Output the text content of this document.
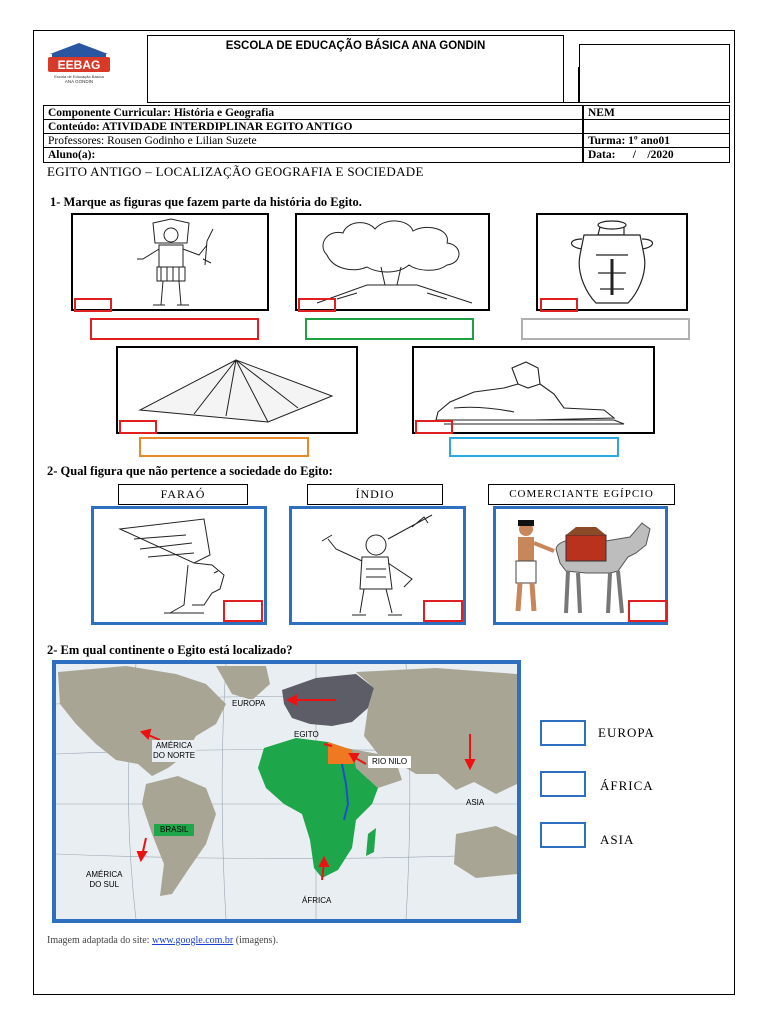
EEBAG
Escola de Educação Básica
ANA GONDIN
ESCOLA DE EDUCAÇÃO BÁSICA ANA GONDIN
Componente Curricular: História e Geografia	NEM
Conteúdo: ATIVIDADE INTERDIPLINAR EGITO ANTIGO
Professores: Rousen Godinho e Lilian Suzete	Turma: 1º ano01
Aluno(a):	Data:      /    /2020
EGITO ANTIGO – LOCALIZAÇÃO GEOGRAFIA E SOCIEDADE
1- Marque as figuras que fazem parte da história do Egito.
2- Qual figura que não pertence a sociedade do Egito:
FARAÓ	ÍNDIO	COMERCIANTE EGÍPCIO
2- Em qual continente o Egito está localizado?
EUROPA
EGITO
AMÉRICA
DO NORTE
RIO NILO
ASIA
BRASIL
AMÉRICA
DO SUL
ÁFRICA
EUROPA
ÁFRICA
ASIA
Imagem adaptada do site: www.google.com.br (imagens).
